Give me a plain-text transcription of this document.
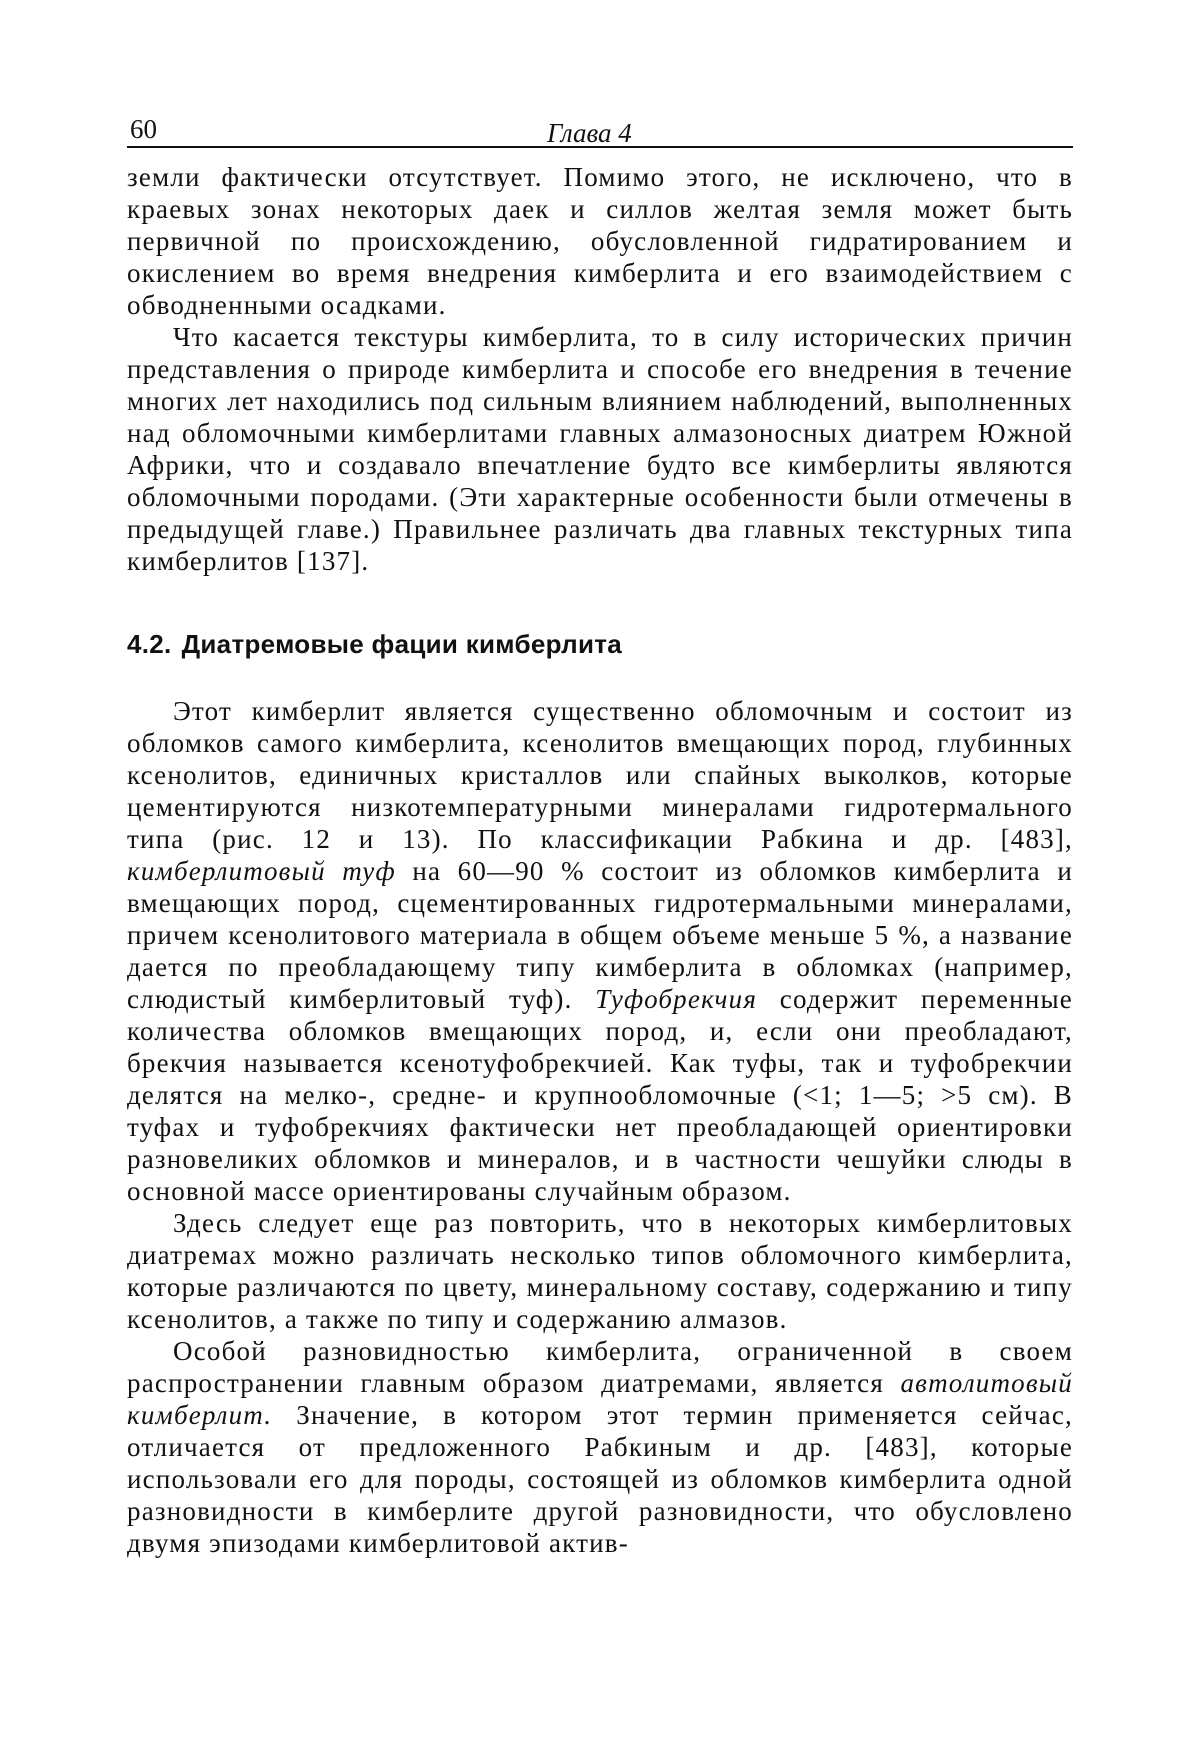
60	Глава 4

земли фактически отсутствует. Помимо этого, не исключено, что в краевых зонах некоторых даек и силлов желтая земля может быть первичной по происхождению, обусловленной гидратированием и окислением во время внедрения кимберлита и его взаимодействием с обводненными осадками.

Что касается текстуры кимберлита, то в силу исторических причин представления о природе кимберлита и способе его внедрения в течение многих лет находились под сильным влиянием наблюдений, выполненных над обломочными кимберлитами главных алмазоносных диатрем Южной Африки, что и создавало впечатление будто все кимберлиты являются обломочными породами. (Эти характерные особенности были отмечены в предыдущей главе.) Правильнее различать два главных текстурных типа кимберлитов [137].

4.2. Диатремовые фации кимберлита

Этот кимберлит является существенно обломочным и состоит из обломков самого кимберлита, ксенолитов вмещающих пород, глубинных ксенолитов, единичных кристаллов или спайных выколков, которые цементируются низкотемпературными минералами гидротермального типа (рис. 12 и 13). По классификации Рабкина и др. [483], кимберлитовый туф на 60—90 % состоит из обломков кимберлита и вмещающих пород, сцементированных гидротермальными минералами, причем ксенолитового материала в общем объеме меньше 5 %, а название дается по преобладающему типу кимберлита в обломках (например, слюдистый кимберлитовый туф). Туфобрекчия содержит переменные количества обломков вмещающих пород, и, если они преобладают, брекчия называется ксенотуфобрекчией. Как туфы, так и туфобрекчии делятся на мелко-, средне- и крупнообломочные (<1; 1—5; >5 см). В туфах и туфобрекчиях фактически нет преобладающей ориентировки разновеликих обломков и минералов, и в частности чешуйки слюды в основной массе ориентированы случайным образом.

Здесь следует еще раз повторить, что в некоторых кимберлитовых диатремах можно различать несколько типов обломочного кимберлита, которые различаются по цвету, минеральному составу, содержанию и типу ксенолитов, а также по типу и содержанию алмазов.

Особой разновидностью кимберлита, ограниченной в своем распространении главным образом диатремами, является автолитовый кимберлит. Значение, в котором этот термин применяется сейчас, отличается от предложенного Рабкиным и др. [483], которые использовали его для породы, состоящей из обломков кимберлита одной разновидности в кимберлите другой разновидности, что обусловлено двумя эпизодами кимберлитовой актив-
